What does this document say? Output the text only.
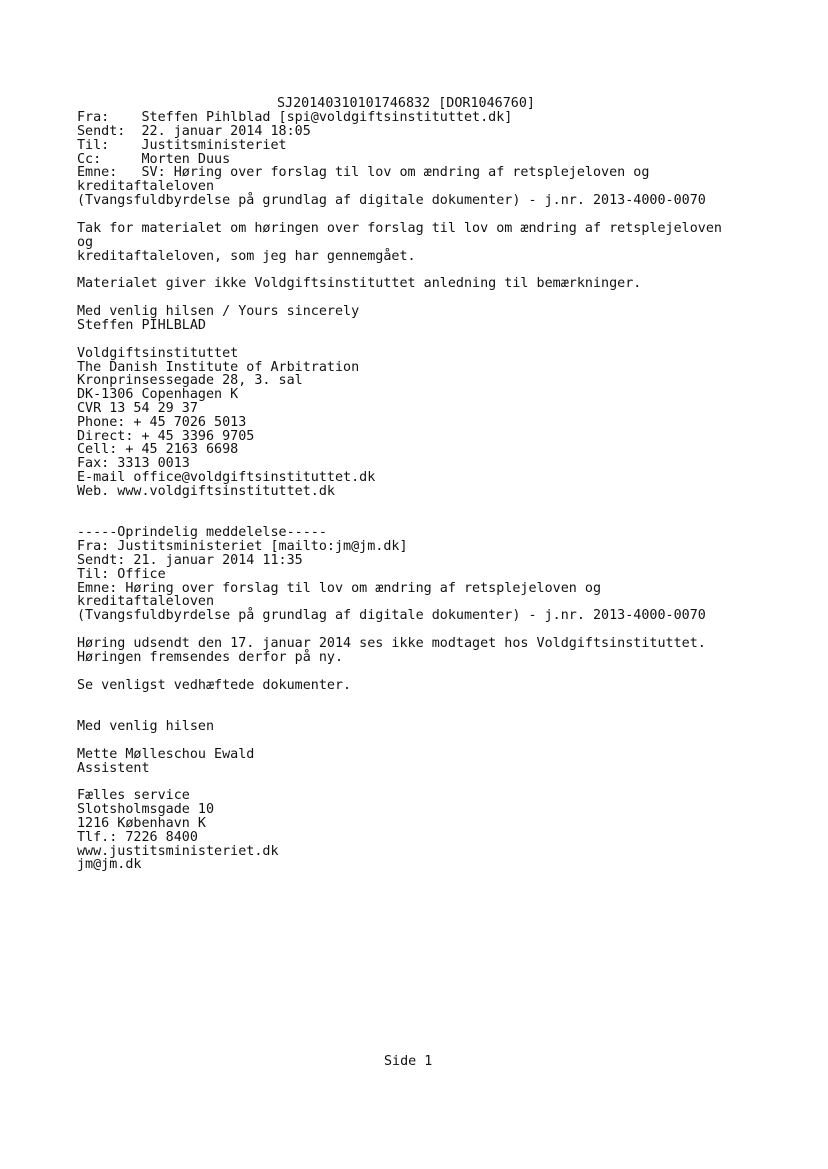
SJ20140310101746832 [DOR1046760]
Fra:    Steffen Pihlblad [spi@voldgiftsinstituttet.dk]
Sendt:  22. januar 2014 18:05
Til:    Justitsministeriet
Cc:     Morten Duus
Emne:   SV: Høring over forslag til lov om ændring af retsplejeloven og
kreditaftaleloven
(Tvangsfuldbyrdelse på grundlag af digitale dokumenter) - j.nr. 2013-4000-0070
Tak for materialet om høringen over forslag til lov om ændring af retsplejeloven
og
kreditaftaleloven, som jeg har gennemgået.
Materialet giver ikke Voldgiftsinstituttet anledning til bemærkninger.
Med venlig hilsen / Yours sincerely
Steffen PIHLBLAD
Voldgiftsinstituttet
The Danish Institute of Arbitration
Kronprinsessegade 28, 3. sal
DK-1306 Copenhagen K
CVR 13 54 29 37
Phone: + 45 7026 5013
Direct: + 45 3396 9705
Cell: + 45 2163 6698
Fax: 3313 0013
E-mail office@voldgiftsinstituttet.dk
Web. www.voldgiftsinstituttet.dk
-----Oprindelig meddelelse-----
Fra: Justitsministeriet [mailto:jm@jm.dk]
Sendt: 21. januar 2014 11:35
Til: Office
Emne: Høring over forslag til lov om ændring af retsplejeloven og
kreditaftaleloven
(Tvangsfuldbyrdelse på grundlag af digitale dokumenter) - j.nr. 2013-4000-0070
Høring udsendt den 17. januar 2014 ses ikke modtaget hos Voldgiftsinstituttet.
Høringen fremsendes derfor på ny.
Se venligst vedhæftede dokumenter.
Med venlig hilsen
Mette Mølleschou Ewald
Assistent
Fælles service
Slotsholmsgade 10
1216 København K
Tlf.: 7226 8400
www.justitsministeriet.dk
jm@jm.dk
Side 1
